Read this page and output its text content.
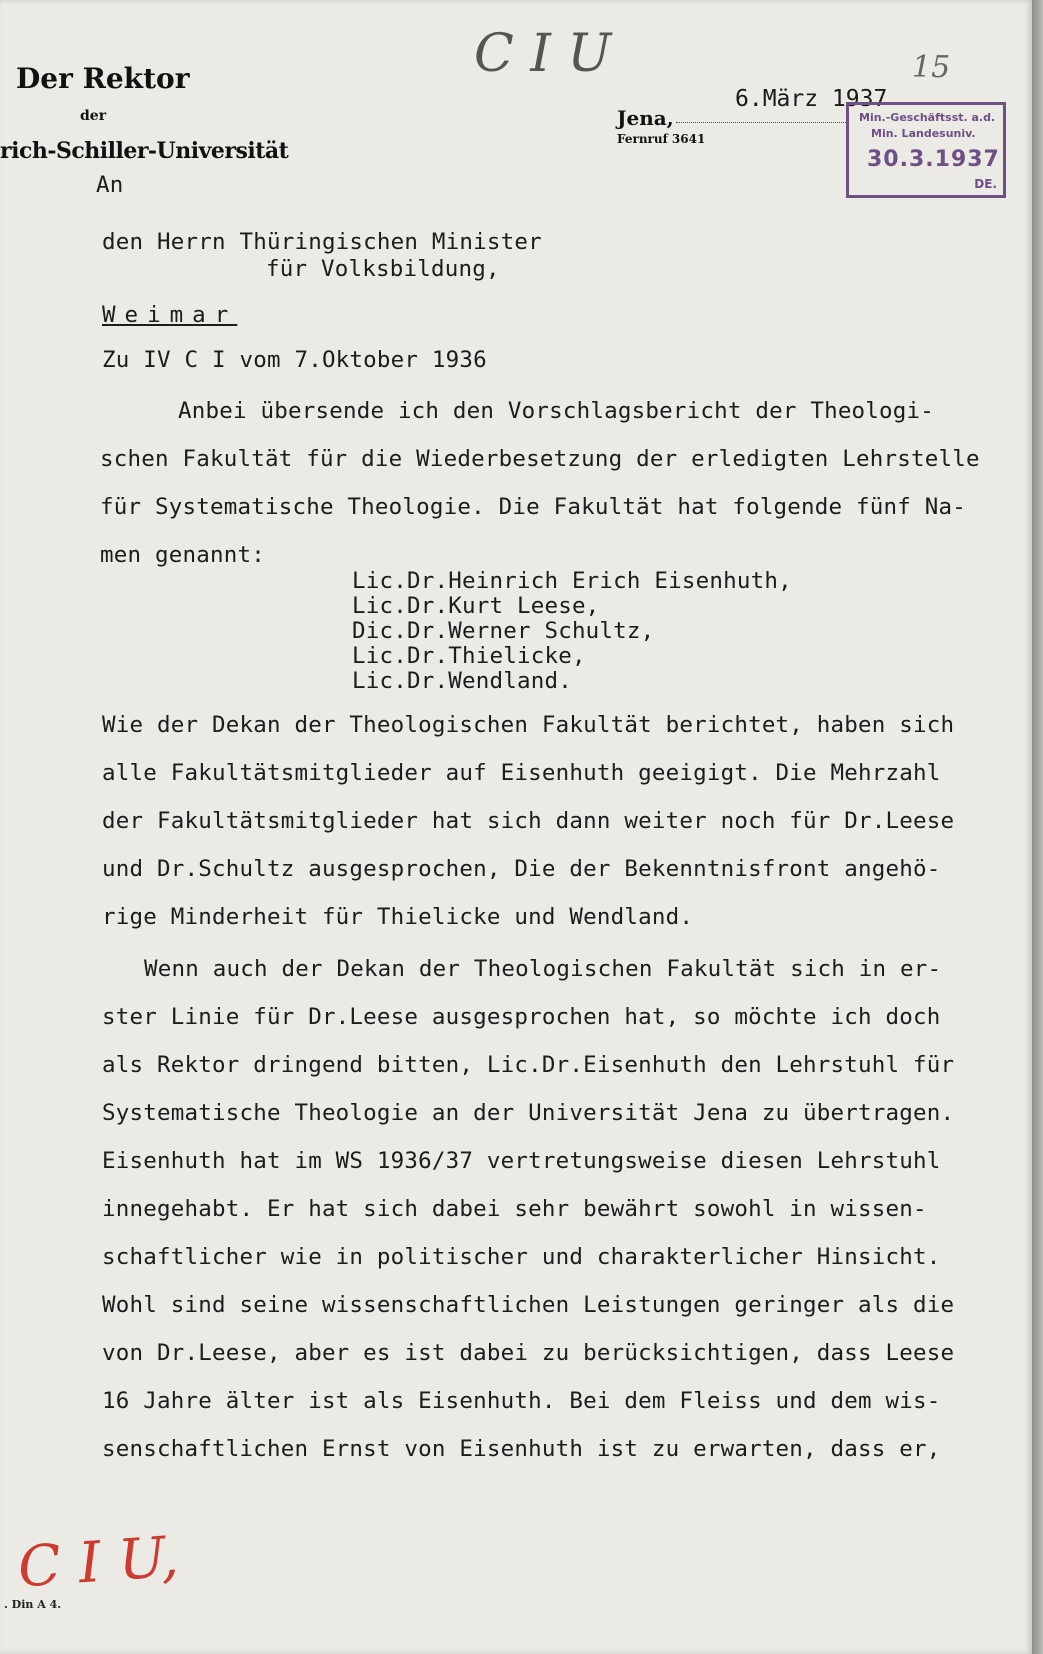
Der Rektor
der
rich-Schiller-Universität
C I U	15
6.März 1937
Jena,
Fernruf 3641
Min.-Geschäftsst. a.d.
Min. Landesuniv.
30.3.1937
DE.
An
den Herrn Thüringischen Minister
für Volksbildung,
Weimar
Zu IV C I vom 7.Oktober 1936
Anbei übersende ich den Vorschlagsbericht der Theologi-
schen Fakultät für die Wiederbesetzung der erledigten Lehrstelle
für Systematische Theologie. Die Fakultät hat folgende fünf Na-
men genannt:
Lic.Dr.Heinrich Erich Eisenhuth,
Lic.Dr.Kurt Leese,
Dic.Dr.Werner Schultz,
Lic.Dr.Thielicke,
Lic.Dr.Wendland.
Wie der Dekan der Theologischen Fakultät berichtet, haben sich
alle Fakultätsmitglieder auf Eisenhuth geeigigt. Die Mehrzahl
der Fakultätsmitglieder hat sich dann weiter noch für Dr.Leese
und Dr.Schultz ausgesprochen, Die der Bekenntnisfront angehö-
rige Minderheit für Thielicke und Wendland.
Wenn auch der Dekan der Theologischen Fakultät sich in er-
ster Linie für Dr.Leese ausgesprochen hat, so möchte ich doch
als Rektor dringend bitten, Lic.Dr.Eisenhuth den Lehrstuhl für
Systematische Theologie an der Universität Jena zu übertragen.
Eisenhuth hat im WS 1936/37 vertretungsweise diesen Lehrstuhl
innegehabt. Er hat sich dabei sehr bewährt sowohl in wissen-
schaftlicher wie in politischer und charakterlicher Hinsicht.
Wohl sind seine wissenschaftlichen Leistungen geringer als die
von Dr.Leese, aber es ist dabei zu berücksichtigen, dass Leese
16 Jahre älter ist als Eisenhuth. Bei dem Fleiss und dem wis-
senschaftlichen Ernst von Eisenhuth ist zu erwarten, dass er,
C I U,
. Din A 4.
